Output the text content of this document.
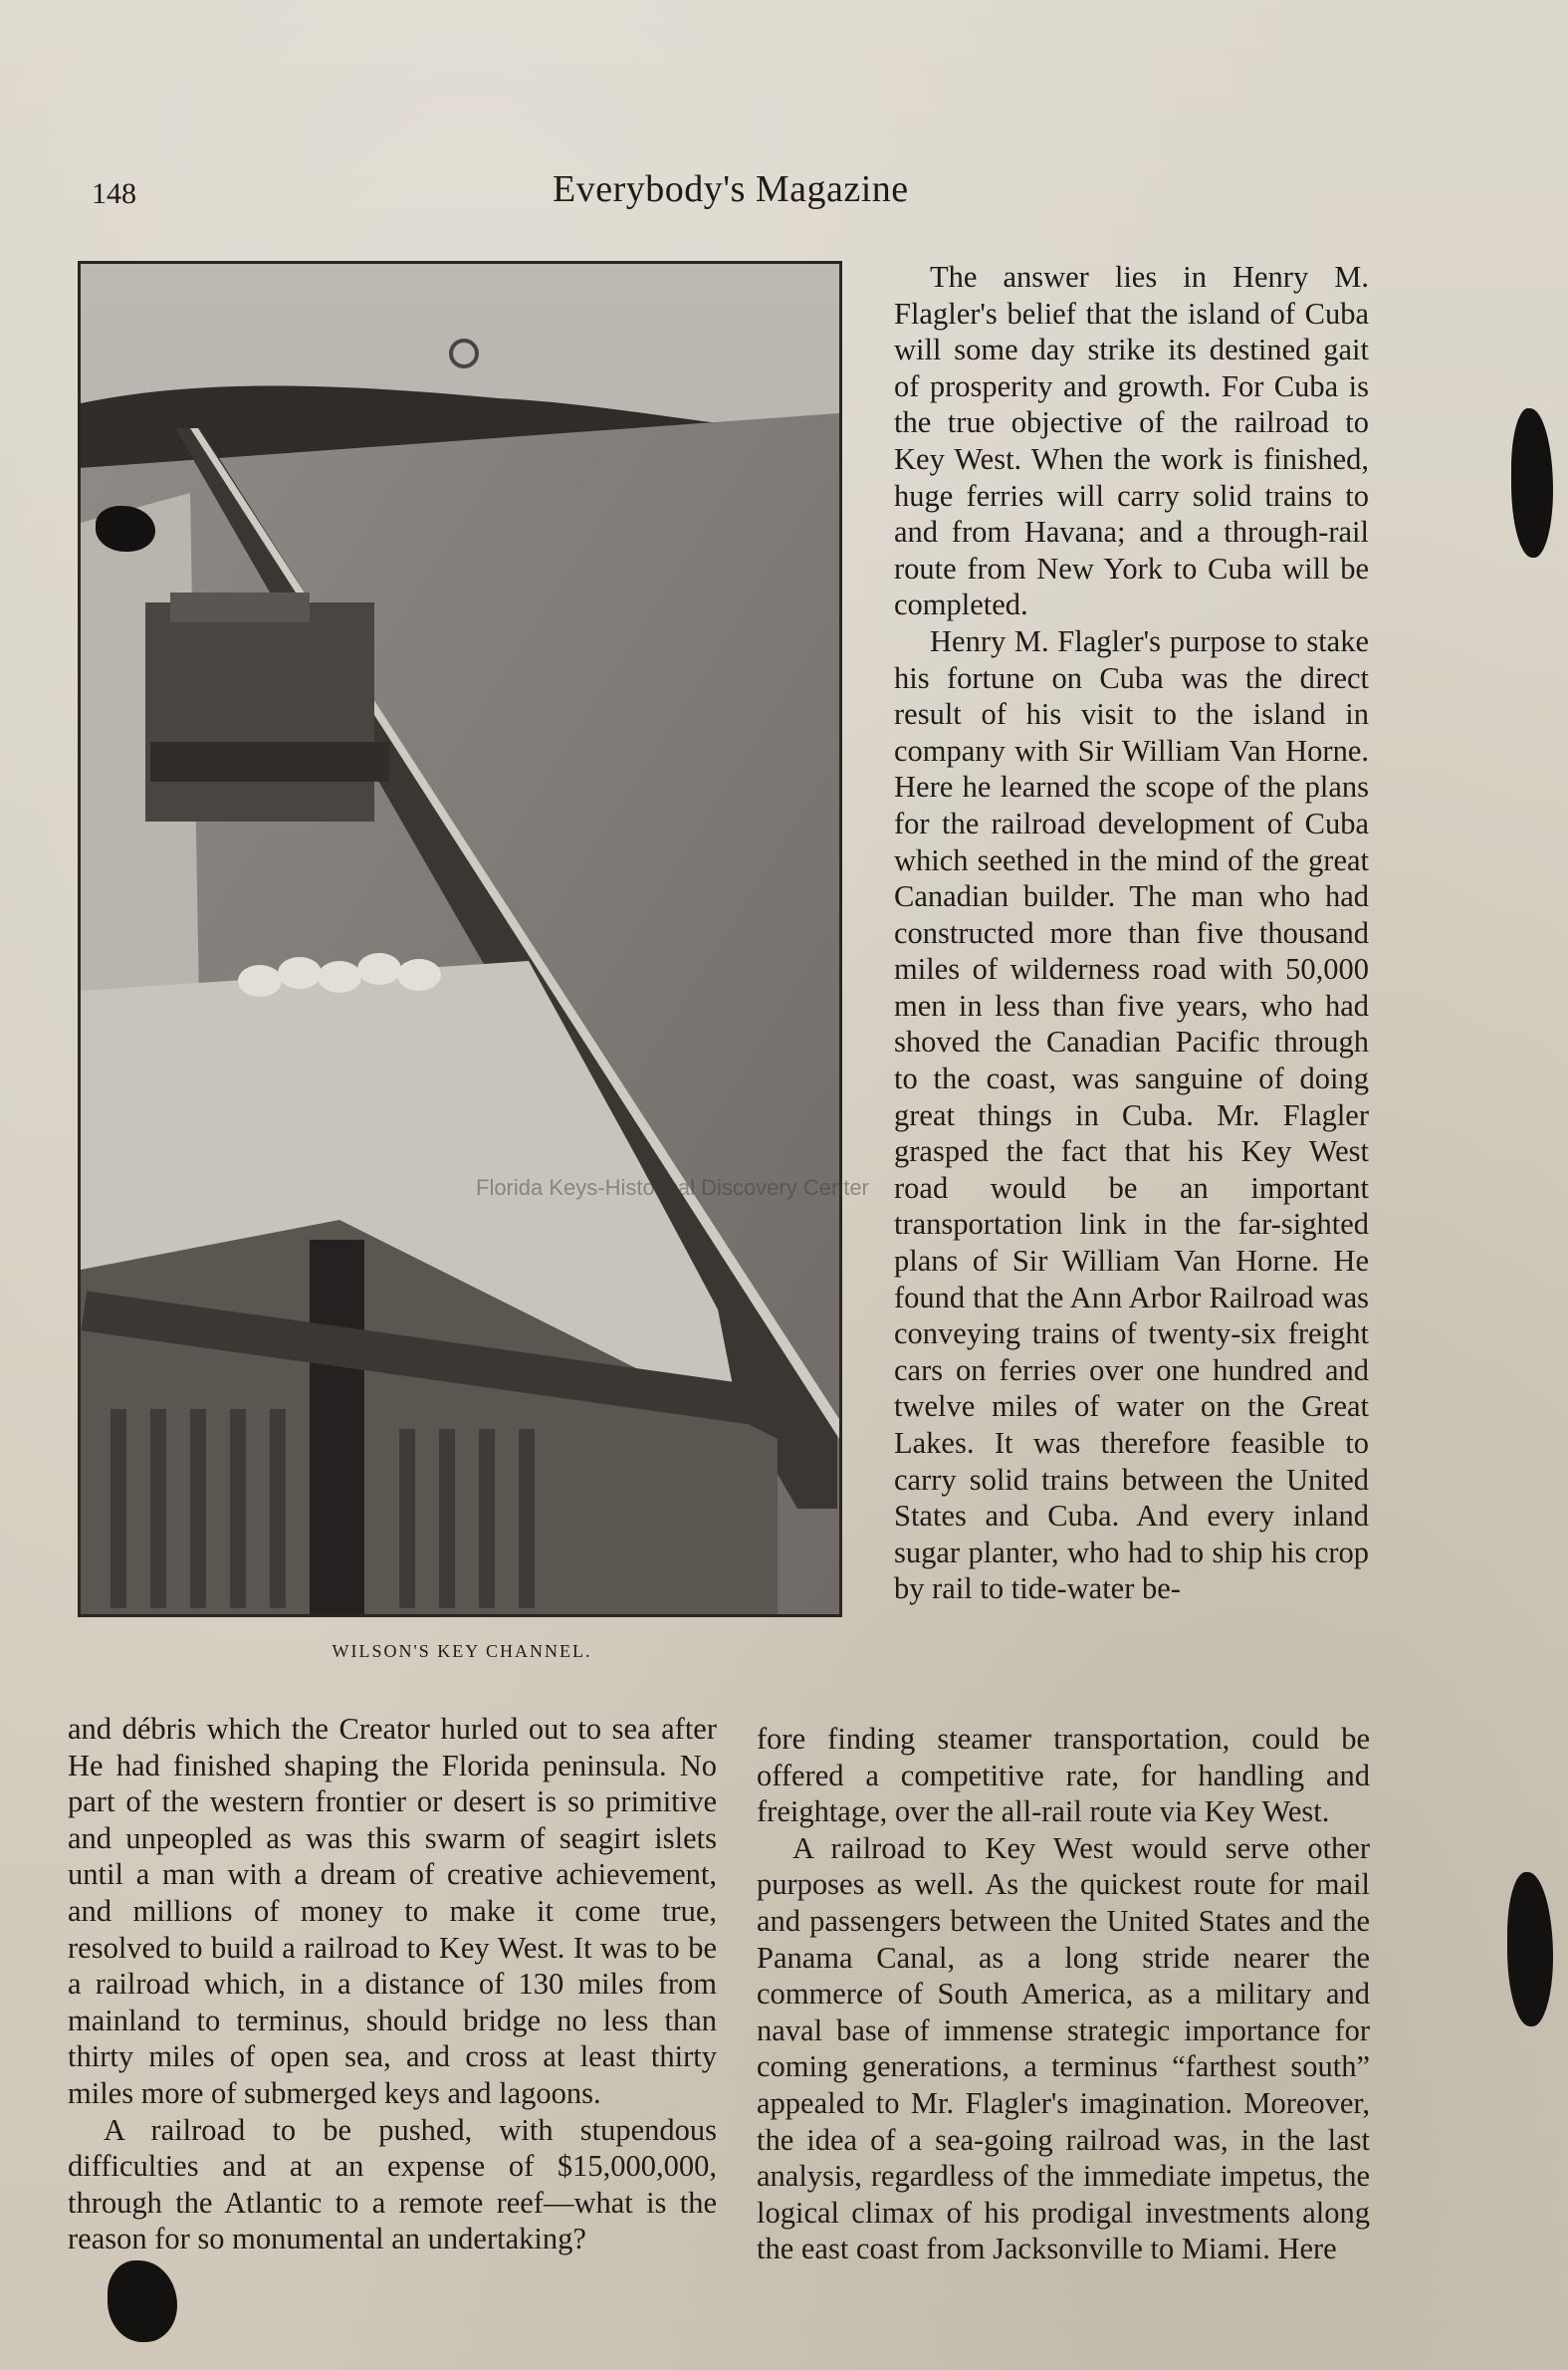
148	Everybody's Magazine
WILSON'S KEY CHANNEL.
Florida Keys-Historical Discovery Center

The answer lies in Henry M. Flagler's belief that the island of Cuba will some day strike its destined gait of prosperity and growth. For Cuba is the true objective of the railroad to Key West. When the work is finished, huge ferries will carry solid trains to and from Havana; and a through-rail route from New York to Cuba will be completed.

Henry M. Flagler's purpose to stake his fortune on Cuba was the direct result of his visit to the island in company with Sir William Van Horne. Here he learned the scope of the plans for the railroad development of Cuba which seethed in the mind of the great Canadian builder. The man who had constructed more than five thousand miles of wilderness road with 50,000 men in less than five years, who had shoved the Canadian Pacific through to the coast, was sanguine of doing great things in Cuba. Mr. Flagler grasped the fact that his Key West road would be an important transportation link in the far-sighted plans of Sir William Van Horne. He found that the Ann Arbor Railroad was conveying trains of twenty-six freight cars on ferries over one hundred and twelve miles of water on the Great Lakes. It was therefore feasible to carry solid trains between the United States and Cuba. And every inland sugar planter, who had to ship his crop by rail to tide-water be-

and débris which the Creator hurled out to sea after He had finished shaping the Florida peninsula. No part of the western frontier or desert is so primitive and unpeopled as was this swarm of seagirt islets until a man with a dream of creative achievement, and millions of money to make it come true, resolved to build a railroad to Key West. It was to be a railroad which, in a distance of 130 miles from mainland to terminus, should bridge no less than thirty miles of open sea, and cross at least thirty miles more of submerged keys and lagoons.

A railroad to be pushed, with stupendous difficulties and at an expense of $15,000,000, through the Atlantic to a remote reef—what is the reason for so monumental an undertaking?

fore finding steamer transportation, could be offered a competitive rate, for handling and freightage, over the all-rail route via Key West.

A railroad to Key West would serve other purposes as well. As the quickest route for mail and passengers between the United States and the Panama Canal, as a long stride nearer the commerce of South America, as a military and naval base of immense strategic importance for coming generations, a terminus “farthest south” appealed to Mr. Flagler's imagination. Moreover, the idea of a sea-going railroad was, in the last analysis, regardless of the immediate impetus, the logical climax of his prodigal investments along the east coast from Jacksonville to Miami. Here
